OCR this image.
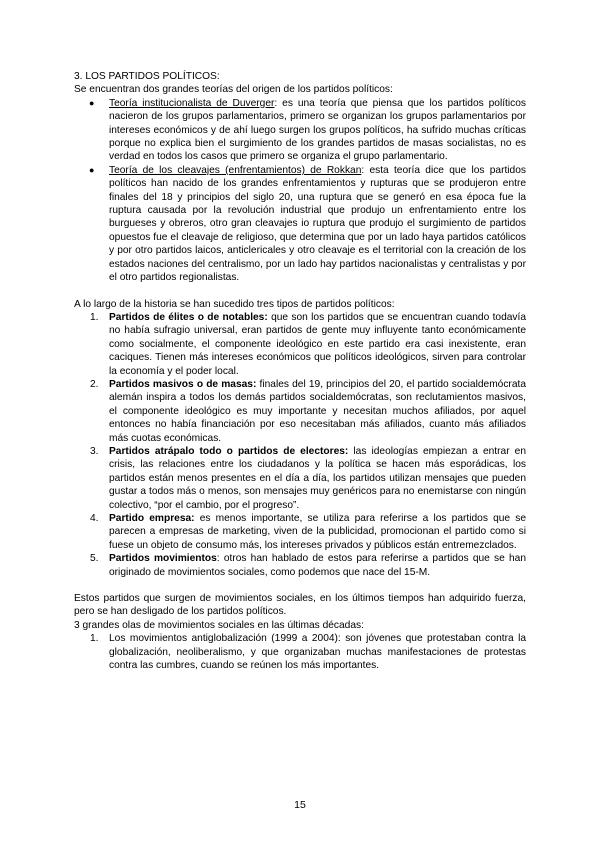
3. LOS PARTIDOS POLÍTICOS:

Se encuentran dos grandes teorías del origen de los partidos políticos:

● Teoría institucionalista de Duverger: es una teoría que piensa que los partidos políticos nacieron de los grupos parlamentarios, primero se organizan los grupos parlamentarios por intereses económicos y de ahí luego surgen los grupos políticos, ha sufrido muchas críticas porque no explica bien el surgimiento de los grandes partidos de masas socialistas, no es verdad en todos los casos que primero se organiza el grupo parlamentario.
● Teoría de los cleavajes (enfrentamientos) de Rokkan: esta teoría dice que los partidos políticos han nacido de los grandes enfrentamientos y rupturas que se produjeron entre finales del 18 y principios del siglo 20, una ruptura que se generó en esa época fue la ruptura causada por la revolución industrial que produjo un enfrentamiento entre los burgueses y obreros, otro gran cleavajes io ruptura que produjo el surgimiento de partidos opuestos fue el cleavaje de religioso, que determina que por un lado haya partidos católicos y por otro partidos laicos, anticlericales y otro cleavaje es el territorial con la creación de los estados naciones del centralismo, por un lado hay partidos nacionalistas y centralistas y por el otro partidos regionalistas.

A lo largo de la historia se han sucedido tres tipos de partidos políticos:

1. Partidos de élites o de notables: que son los partidos que se encuentran cuando todavía no había sufragio universal, eran partidos de gente muy influyente tanto económicamente como socialmente, el componente ideológico en este partido era casi inexistente, eran caciques. Tienen más intereses económicos que políticos ideológicos, sirven para controlar la economía y el poder local.
2. Partidos masivos o de masas: finales del 19, principios del 20, el partido socialdemócrata alemán inspira a todos los demás partidos socialdemócratas, son reclutamientos masivos, el componente ideológico es muy importante y necesitan muchos afiliados, por aquel entonces no había financiación por eso necesitaban más afiliados, cuanto más afiliados más cuotas económicas.
3. Partidos atrápalo todo o partidos de electores: las ideologías empiezan a entrar en crisis, las relaciones entre los ciudadanos y la política se hacen más esporádicas, los partidos están menos presentes en el día a día, los partidos utilizan mensajes que pueden gustar a todos más o menos, son mensajes muy genéricos para no enemistarse con ningún colectivo, “por el cambio, por el progreso”.
4. Partido empresa: es menos importante, se utiliza para referirse a los partidos que se parecen a empresas de marketing, viven de la publicidad, promocionan el partido como si fuese un objeto de consumo más, los intereses privados y públicos están entremezclados.
5. Partidos movimientos: otros han hablado de estos para referirse a partidos que se han originado de movimientos sociales, como podemos que nace del 15-M.

Estos partidos que surgen de movimientos sociales, en los últimos tiempos han adquirido fuerza, pero se han desligado de los partidos políticos.

3 grandes olas de movimientos sociales en las últimas décadas:

1. Los movimientos antiglobalización (1999 a 2004): son jóvenes que protestaban contra la globalización, neoliberalismo, y que organizaban muchas manifestaciones de protestas contra las cumbres, cuando se reúnen los más importantes.
15
